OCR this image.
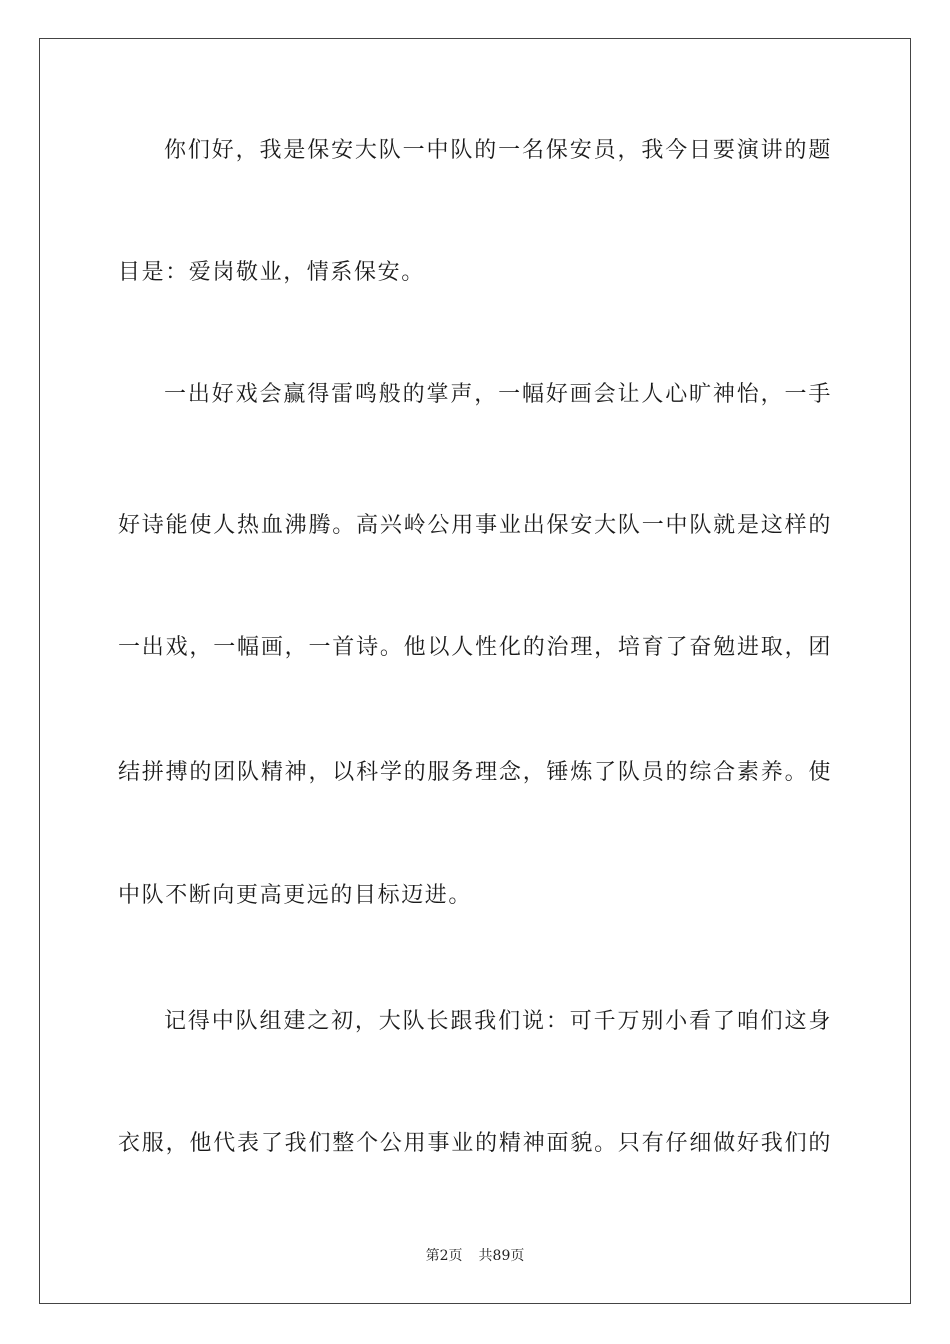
你们好，我是保安大队一中队的一名保安员，我今日要演讲的题
目是：爱岗敬业，情系保安。
一出好戏会赢得雷鸣般的掌声，一幅好画会让人心旷神怡，一手
好诗能使人热血沸腾。高兴岭公用事业出保安大队一中队就是这样的
一出戏，一幅画，一首诗。他以人性化的治理，培育了奋勉进取，团
结拼搏的团队精神，以科学的服务理念，锤炼了队员的综合素养。使
中队不断向更高更远的目标迈进。
记得中队组建之初，大队长跟我们说：可千万别小看了咱们这身
衣服，他代表了我们整个公用事业的精神面貌。只有仔细做好我们的
第2页 共89页
